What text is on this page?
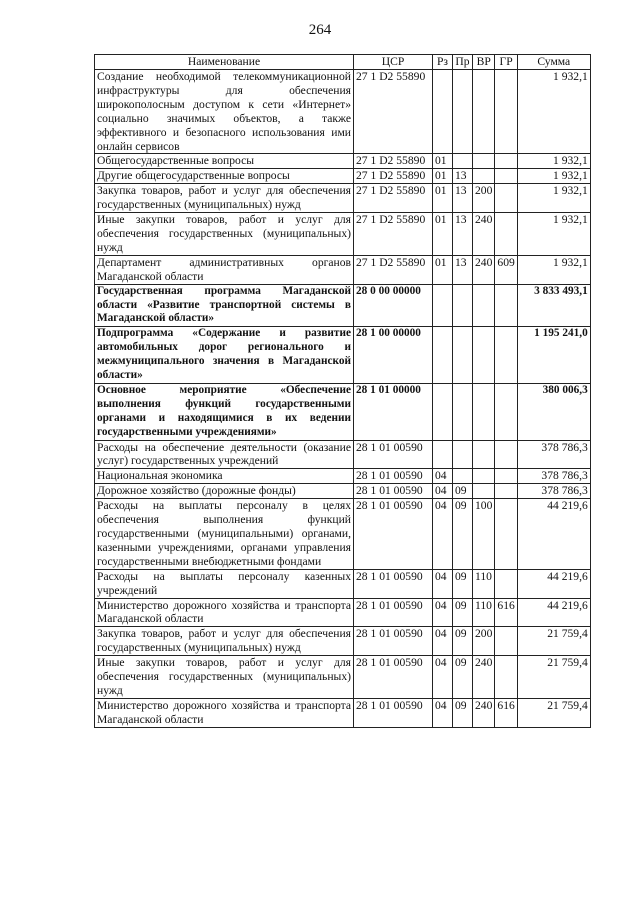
264
Наименование	ЦСР	Рз	Пр	ВР	ГР	Сумма
Создание необходимой телекоммуникационной инфраструктуры для обеспечения широкополосным доступом к сети «Интернет» социально значимых объектов, а также эффективного и безопасного использования ими онлайн сервисов	27 1 D2 55890					1 932,1
Общегосударственные вопросы	27 1 D2 55890	01				1 932,1
Другие общегосударственные вопросы	27 1 D2 55890	01	13			1 932,1
Закупка товаров, работ и услуг для обеспечения государственных (муниципальных) нужд	27 1 D2 55890	01	13	200		1 932,1
Иные закупки товаров, работ и услуг для обеспечения государственных (муниципальных) нужд	27 1 D2 55890	01	13	240		1 932,1
Департамент административных органов Магаданской области	27 1 D2 55890	01	13	240	609	1 932,1
Государственная программа Магаданской области «Развитие транспортной системы в Магаданской области»	28 0 00 00000					3 833 493,1
Подпрограмма «Содержание и развитие автомобильных дорог регионального и межмуниципального значения в Магаданской области»	28 1 00 00000					1 195 241,0
Основное мероприятие «Обеспечение выполнения функций государственными органами и находящимися в их ведении государственными учреждениями»	28 1 01 00000					380 006,3
Расходы на обеспечение деятельности (оказание услуг) государственных учреждений	28 1 01 00590					378 786,3
Национальная экономика	28 1 01 00590	04				378 786,3
Дорожное хозяйство (дорожные фонды)	28 1 01 00590	04	09			378 786,3
Расходы на выплаты персоналу в целях обеспечения выполнения функций государственными (муниципальными) органами, казенными учреждениями, органами управления государственными внебюджетными фондами	28 1 01 00590	04	09	100		44 219,6
Расходы на выплаты персоналу казенных учреждений	28 1 01 00590	04	09	110		44 219,6
Министерство дорожного хозяйства и транспорта Магаданской области	28 1 01 00590	04	09	110	616	44 219,6
Закупка товаров, работ и услуг для обеспечения государственных (муниципальных) нужд	28 1 01 00590	04	09	200		21 759,4
Иные закупки товаров, работ и услуг для обеспечения государственных (муниципальных) нужд	28 1 01 00590	04	09	240		21 759,4
Министерство дорожного хозяйства и транспорта Магаданской области	28 1 01 00590	04	09	240	616	21 759,4
